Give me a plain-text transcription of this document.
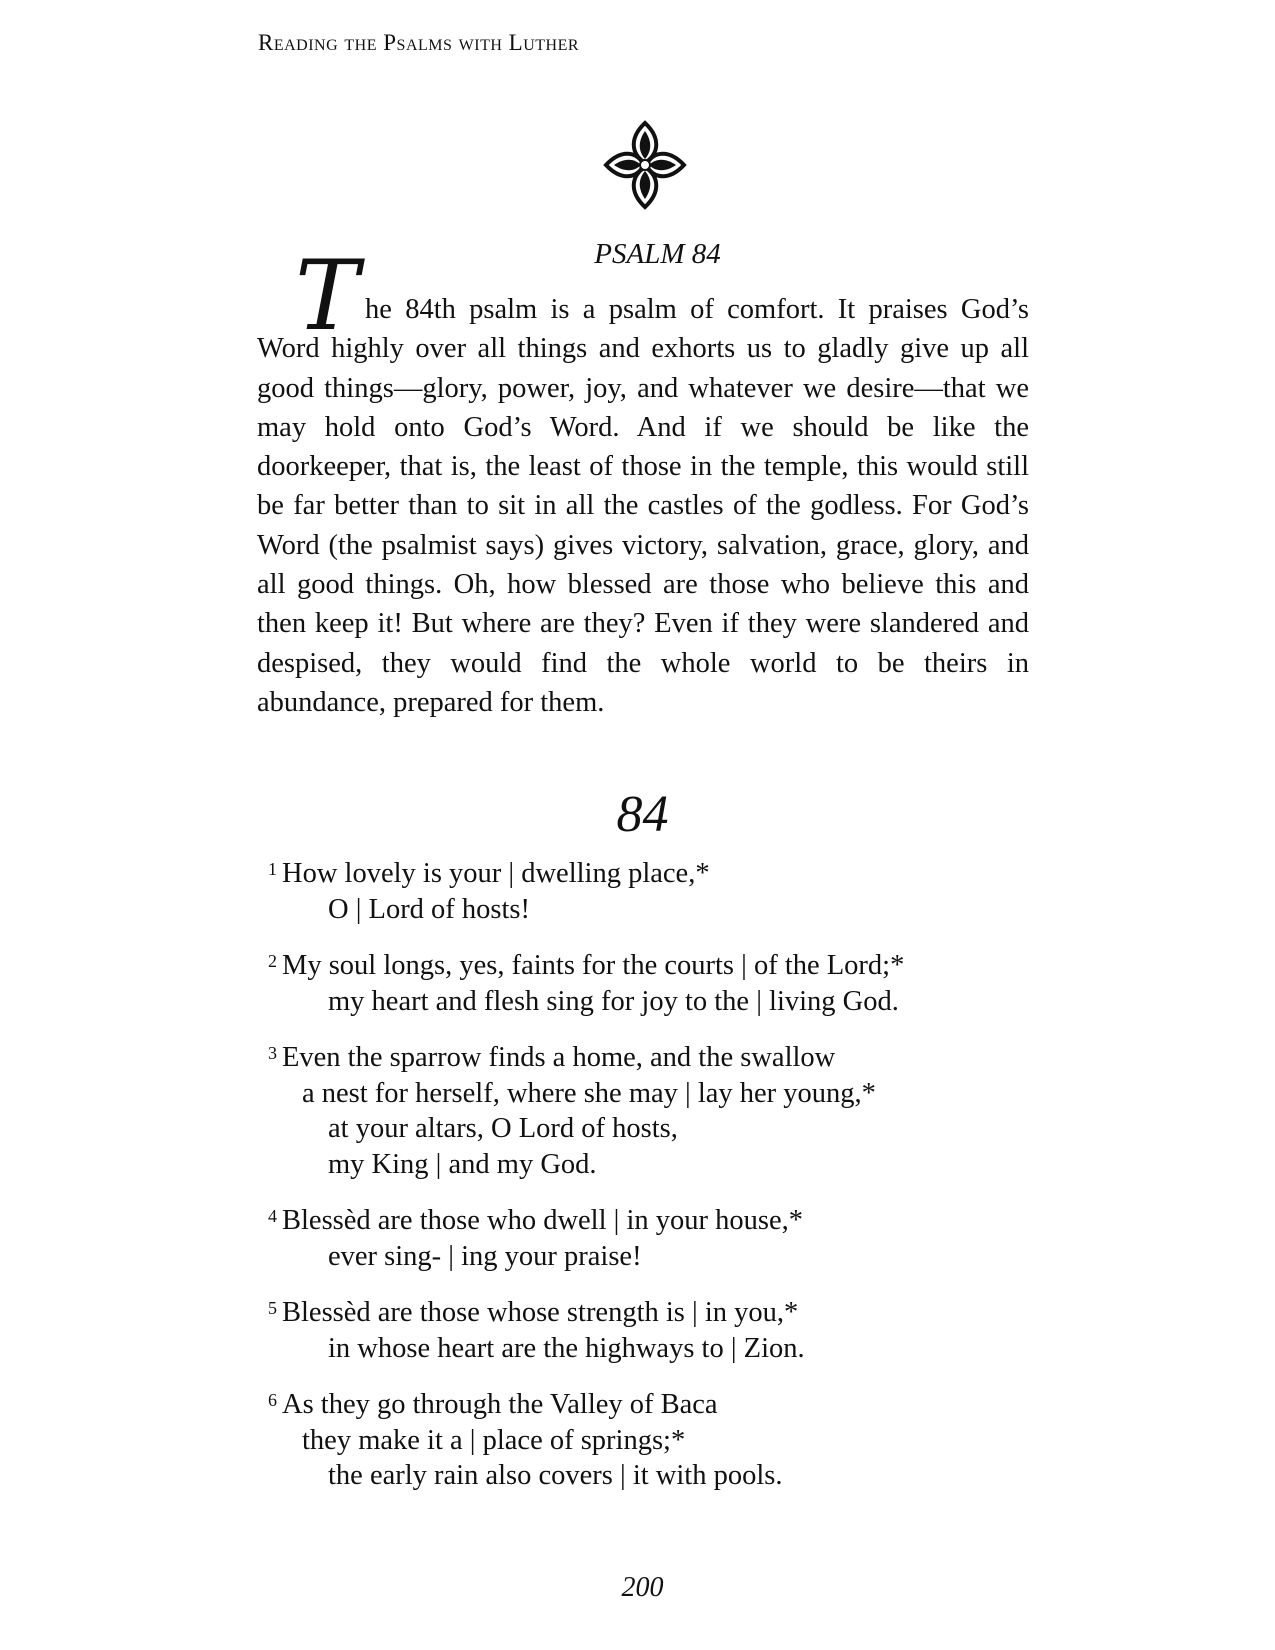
Reading the Psalms with Luther
PSALM 84
The 84th psalm is a psalm of comfort. It praises God’s Word highly over all things and exhorts us to gladly give up all good things—glory, power, joy, and whatever we desire—that we may hold onto God’s Word. And if we should be like the doorkeeper, that is, the least of those in the temple, this would still be far better than to sit in all the castles of the godless. For God’s Word (the psalmist says) gives victory, salvation, grace, glory, and all good things. Oh, how blessed are those who believe this and then keep it! But where are they? Even if they were slandered and despised, they would find the whole world to be theirs in abundance, prepared for them.
84
1 How lovely is your | dwelling place,*
O | Lord of hosts!
2 My soul longs, yes, faints for the courts | of the Lord;*
my heart and flesh sing for joy to the | living God.
3 Even the sparrow finds a home, and the swallow
a nest for herself, where she may | lay her young,*
at your altars, O Lord of hosts,
my King | and my God.
4 Blessèd are those who dwell | in your house,*
ever sing- | ing your praise!
5 Blessèd are those whose strength is | in you,*
in whose heart are the highways to | Zion.
6 As they go through the Valley of Baca
they make it a | place of springs;*
the early rain also covers | it with pools.
200
